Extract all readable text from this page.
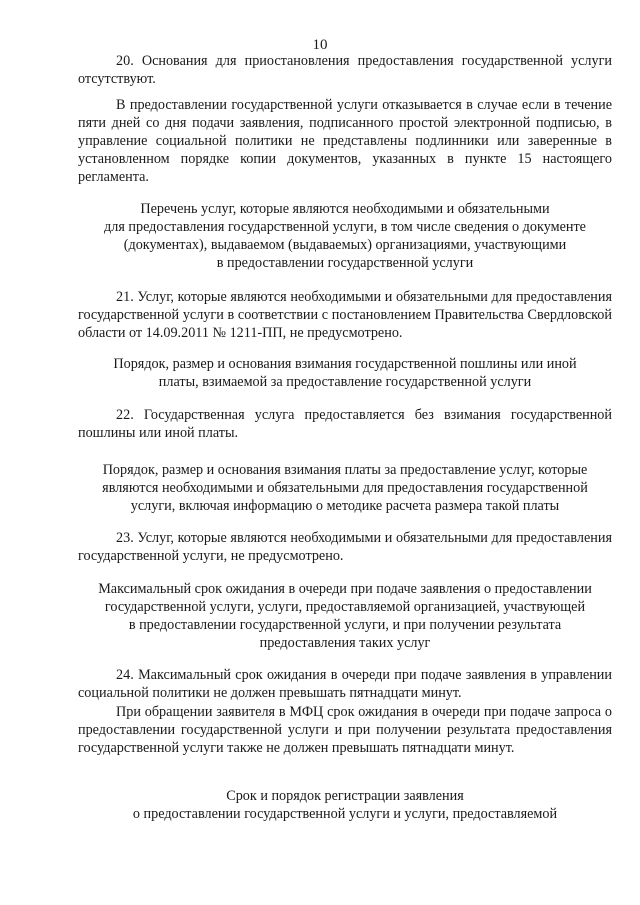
10

20. Основания для приостановления предоставления государственной услуги отсутствуют.

В предоставлении государственной услуги отказывается в случае если в течение пяти дней со дня подачи заявления, подписанного простой электронной подписью, в управление социальной политики не представлены подлинники или заверенные в установленном порядке копии документов, указанных в пункте 15 настоящего регламента.

Перечень услуг, которые являются необходимыми и обязательными
для предоставления государственной услуги, в том числе сведения о документе
(документах), выдаваемом (выдаваемых) организациями, участвующими
в предоставлении государственной услуги

21. Услуг, которые являются необходимыми и обязательными для предоставления государственной услуги в соответствии с постановлением Правительства Свердловской области от 14.09.2011 № 1211-ПП, не предусмотрено.

Порядок, размер и основания взимания государственной пошлины или иной
платы, взимаемой за предоставление государственной услуги

22. Государственная услуга предоставляется без взимания государственной пошлины или иной платы.

Порядок, размер и основания взимания платы за предоставление услуг, которые
являются необходимыми и обязательными для предоставления государственной
услуги, включая информацию о методике расчета размера такой платы

23. Услуг, которые являются необходимыми и обязательными для предоставления государственной услуги, не предусмотрено.

Максимальный срок ожидания в очереди при подаче заявления о предоставлении
государственной услуги, услуги, предоставляемой организацией, участвующей
в предоставлении государственной услуги, и при получении результата
предоставления таких услуг

24. Максимальный срок ожидания в очереди при подаче заявления в управлении социальной политики не должен превышать пятнадцати минут.

При обращении заявителя в МФЦ срок ожидания в очереди при подаче запроса о предоставлении государственной услуги и при получении результата предоставления государственной услуги также не должен превышать пятнадцати минут.

Срок и порядок регистрации заявления
о предоставлении государственной услуги и услуги, предоставляемой
